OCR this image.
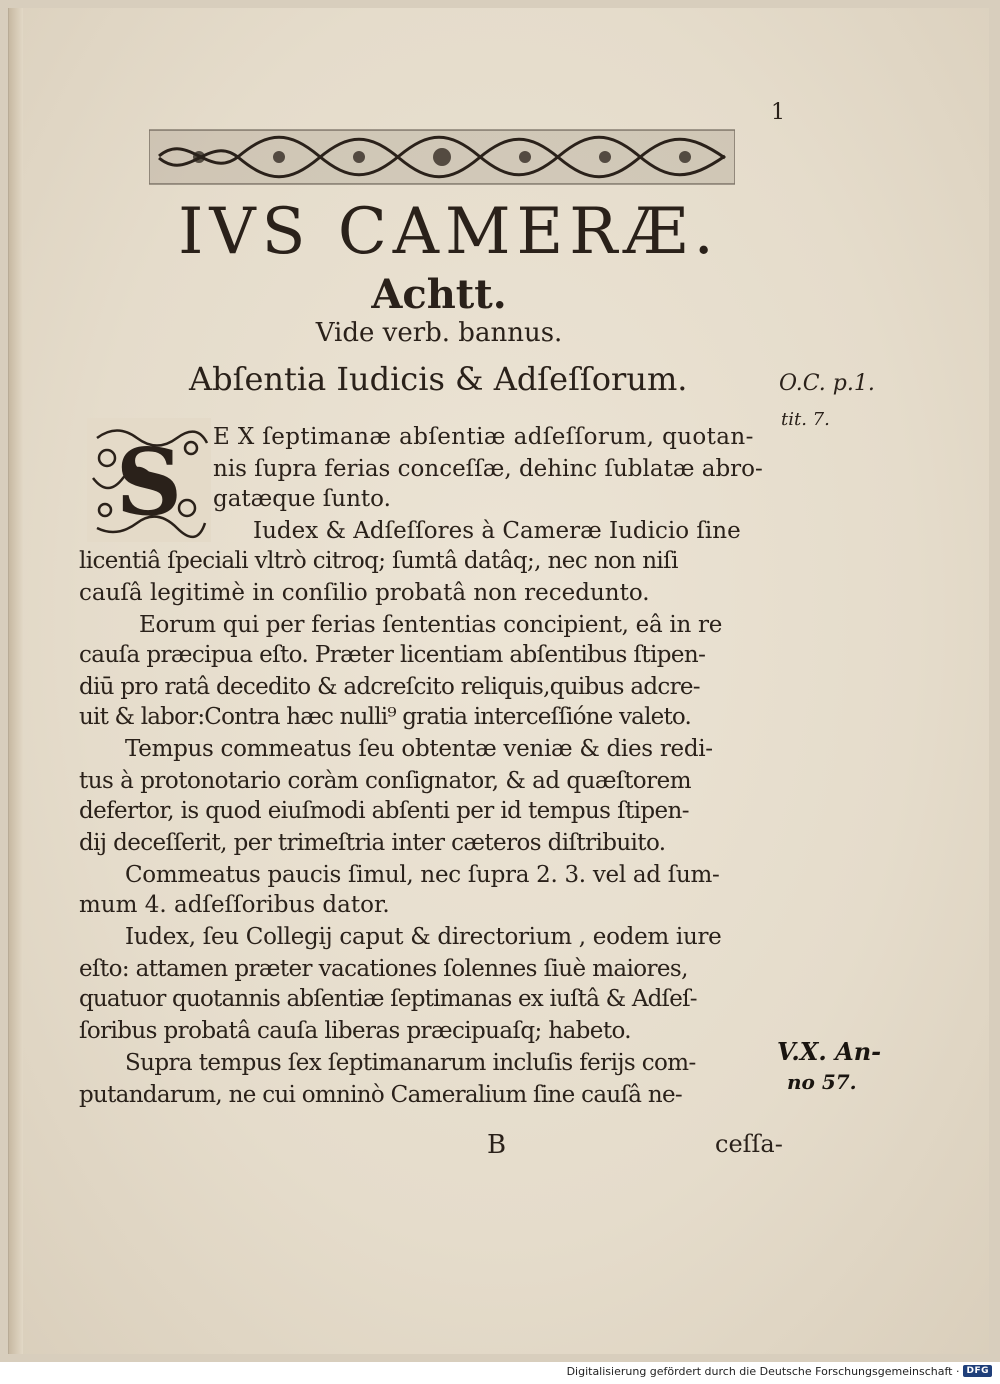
1
IVS CAMERÆ.
Achtt.
Vide verb. bannus.
Abſentia Iudicis & Adſeſſorum.	O.C. p.1.
tit. 7.
S E X ſeptimanæ abſentiæ adſeſſorum, quotan-
nis ſupra ferias conceſſæ, dehinc ſublatæ abro-
gatæque ſunto.
Iudex & Adſeſſores à Cameræ Iudicio ſine
licentiâ ſpeciali vltrò citroq; ſumtâ datâq;, nec non niſi
cauſâ legitimè in conſilio probatâ non recedunto.
Eorum qui per ferias ſententias concipient, eâ in re
cauſa præcipua eſto. Præter licentiam abſentibus ſtipen-
diū pro ratâ decedito & adcreſcito reliquis,quibus adcre-
uit & labor:Contra hæc nulli⁹ gratia interceſſióne valeto.
Tempus commeatus ſeu obtentæ veniæ & dies redi-
tus à protonotario coràm conſignator, & ad quæſtorem
defertor, is quod eiuſmodi abſenti per id tempus ſtipen-
dij deceſſerit, per trimeſtria inter cæteros diſtribuito.
Commeatus paucis ſimul, nec ſupra 2. 3. vel ad ſum-
mum 4. adſeſſoribus dator.
Iudex, ſeu Collegij caput & directorium , eodem iure
eſto: attamen præter vacationes ſolennes ſiuè maiores,
quatuor quotannis abſentiæ ſeptimanas ex iuſtâ & Adſeſ-
ſoribus probatâ cauſa liberas præcipuaſq; habeto.
Supra tempus ſex ſeptimanarum incluſis ferijs com-
putandarum, ne cui omninò Cameralium ſine cauſâ ne-
V.X. An-
no 57.
B	ceſſa-
Digitalisierung gefördert durch die Deutsche Forschungsgemeinschaft · DFG
